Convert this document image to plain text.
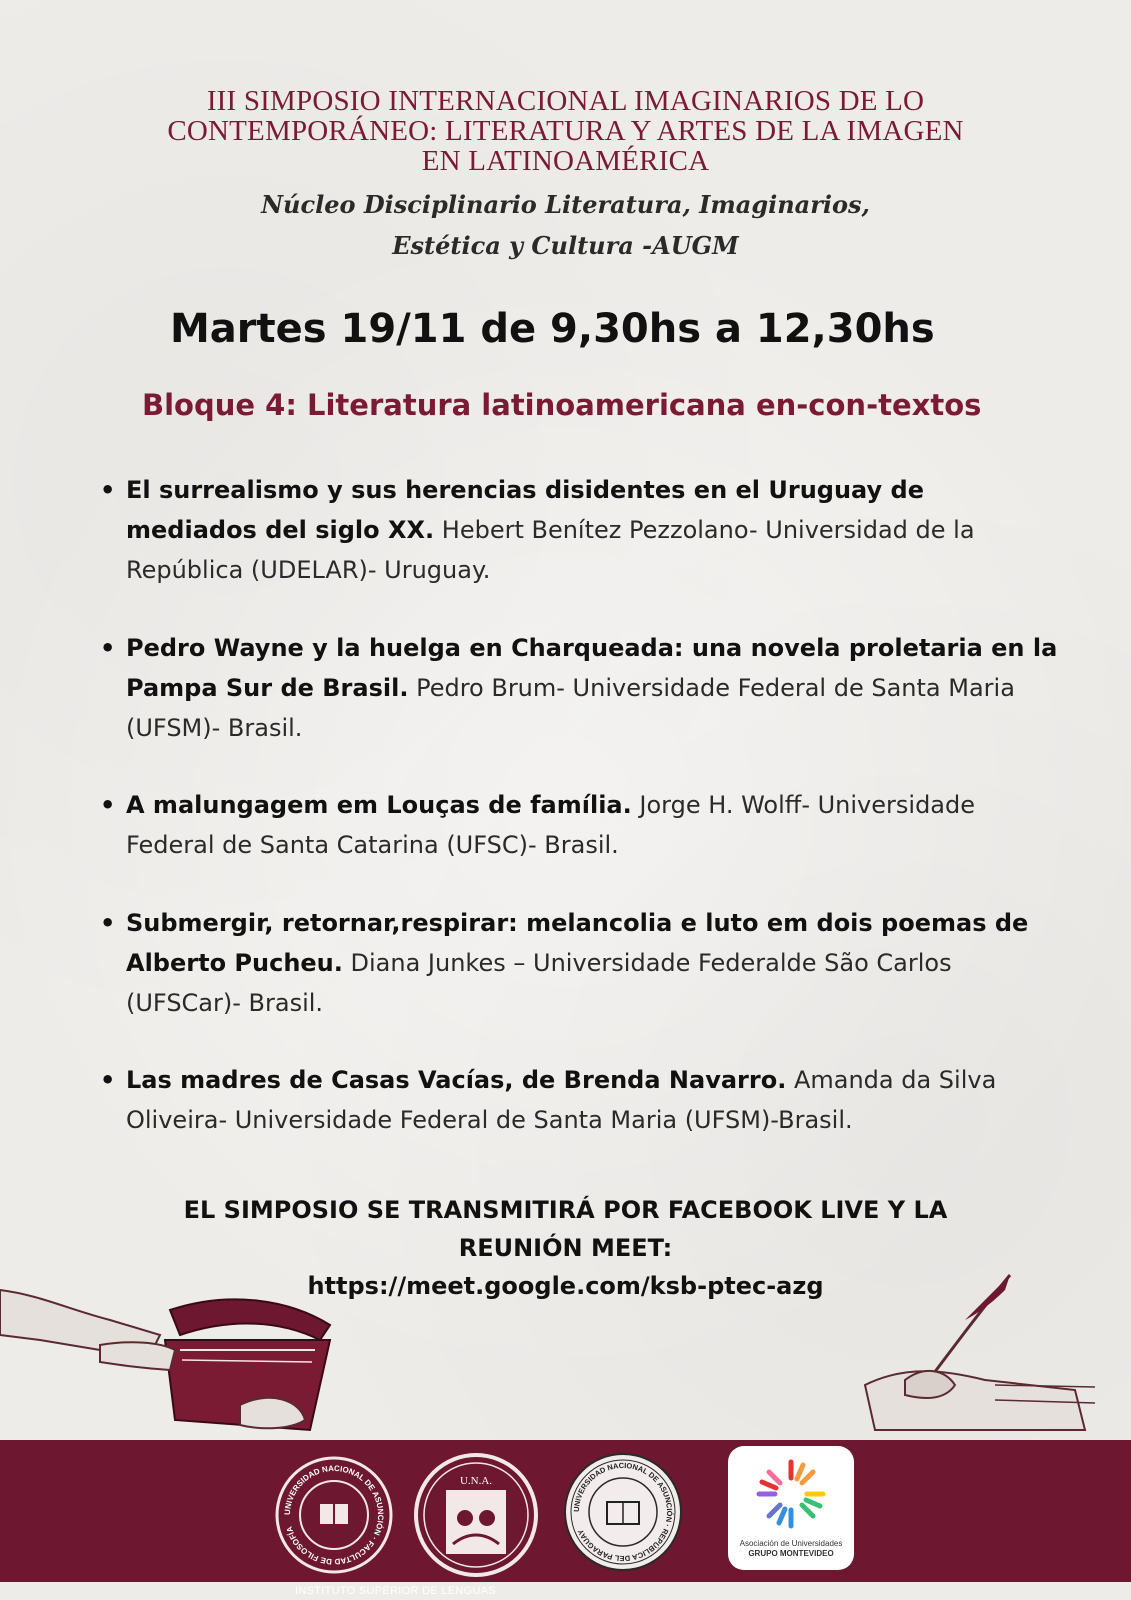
III SIMPOSIO INTERNACIONAL IMAGINARIOS DE LO
CONTEMPORÁNEO: LITERATURA Y ARTES DE LA IMAGEN
EN LATINOAMÉRICA
Núcleo Disciplinario Literatura, Imaginarios,
Estética y Cultura -AUGM
Martes 19/11 de 9,30hs a 12,30hs
Bloque 4: Literatura latinoamericana en-con-textos
• El surrealismo y sus herencias disidentes en el Uruguay de mediados del siglo XX. Hebert Benítez Pezzolano- Universidad de la República (UDELAR)- Uruguay.
• Pedro Wayne y la huelga en Charqueada: una novela proletaria en la Pampa Sur de Brasil. Pedro Brum- Universidade Federal de Santa Maria (UFSM)- Brasil.
• A malungagem em Louças de família. Jorge H. Wolff- Universidade Federal de Santa Catarina (UFSC)- Brasil.
• Submergir, retornar,respirar: melancolia e luto em dois poemas de Alberto Pucheu. Diana Junkes – Universidade Federalde São Carlos (UFSCar)- Brasil.
• Las madres de Casas Vacías, de Brenda Navarro. Amanda da Silva Oliveira- Universidade Federal de Santa Maria (UFSM)-Brasil.
EL SIMPOSIO SE TRANSMITIRÁ POR FACEBOOK LIVE Y LA
REUNIÓN MEET:
https://meet.google.com/ksb-ptec-azg
UNIVERSIDAD NACIONAL DE ASUNCIÓN · FACULTAD DE FILOSOFÍA
U.N.A.
UNIVERSIDAD NACIONAL DE ASUNCIÓN · REPÚBLICA DEL PARAGUAY
Asociación de Universidades
GRUPO MONTEVIDEO
INSTITUTO SUPERIOR DE LENGUAS
